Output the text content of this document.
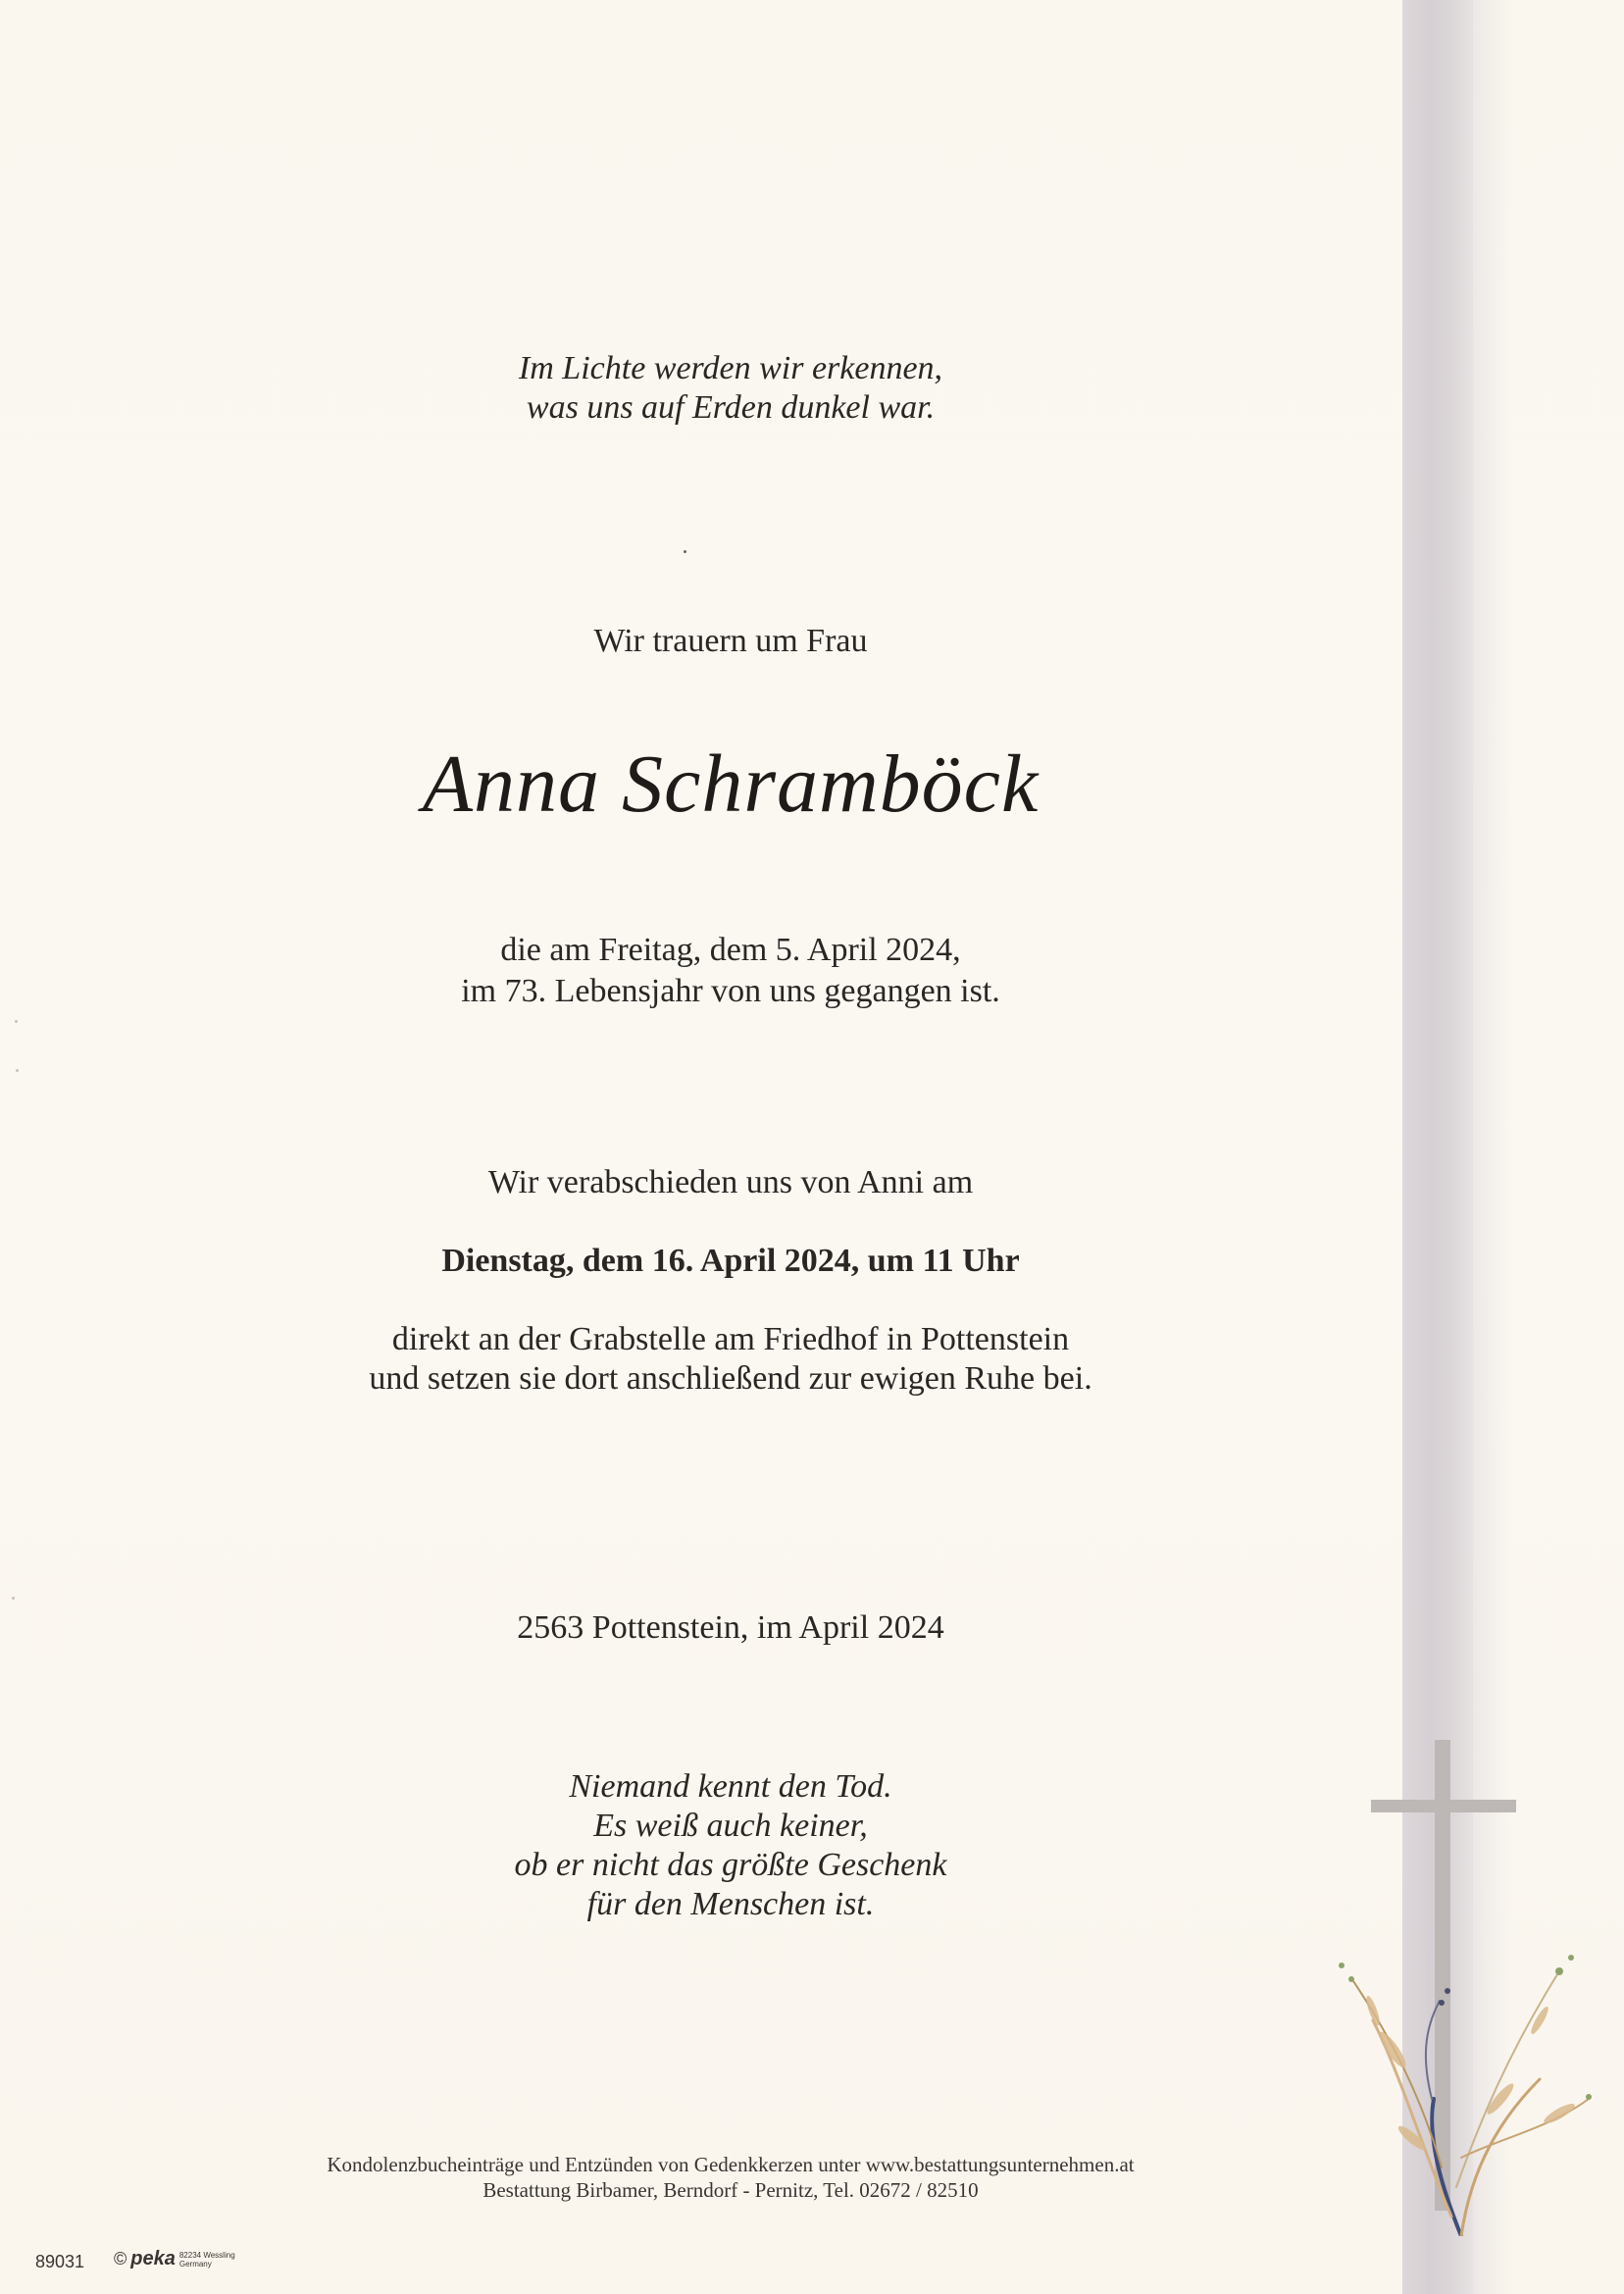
Im Lichte werden wir erkennen,
was uns auf Erden dunkel war.
Wir trauern um Frau
Anna Schramböck
die am Freitag, dem 5. April 2024,
im 73. Lebensjahr von uns gegangen ist.
Wir verabschieden uns von Anni am
Dienstag, dem 16. April 2024, um 11 Uhr
direkt an der Grabstelle am Friedhof in Pottenstein
und setzen sie dort anschließend zur ewigen Ruhe bei.
2563 Pottenstein, im April 2024
Niemand kennt den Tod.
Es weiß auch keiner,
ob er nicht das größte Geschenk
für den Menschen ist.
Kondolenzbucheinträge und Entzünden von Gedenkkerzen unter www.bestattungsunternehmen.at
Bestattung Birbamer, Berndorf - Pernitz, Tel. 02672 / 82510
89031 © peka 82234 Wessling
Germany
